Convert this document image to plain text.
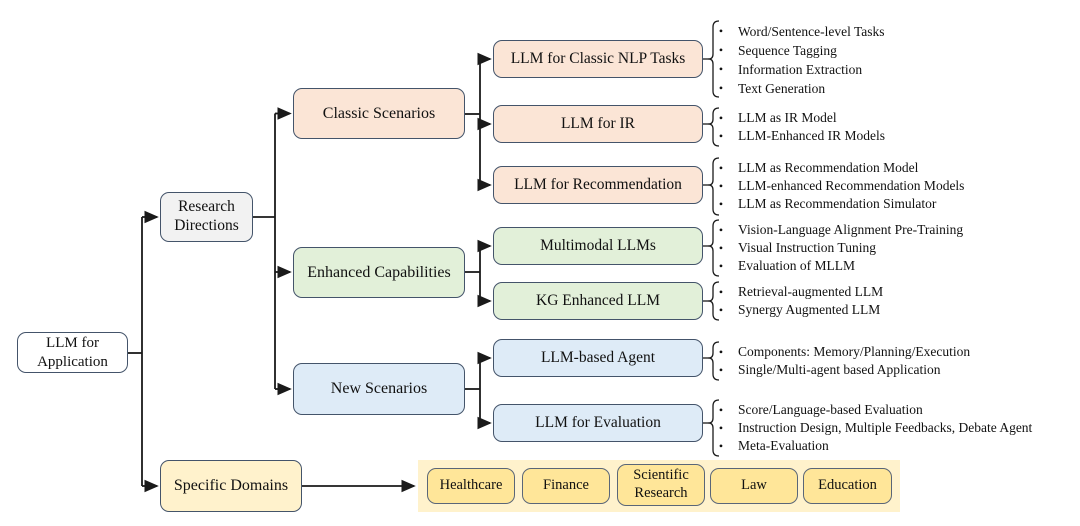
LLM for Application
Research Directions
Specific Domains
Classic Scenarios
Enhanced Capabilities
New Scenarios
LLM for Classic NLP Tasks
LLM for IR
LLM for Recommendation
Multimodal LLMs
KG Enhanced LLM
LLM-based Agent
LLM for Evaluation
• Word/Sentence-level Tasks
• Sequence Tagging
• Information Extraction
• Text Generation
• LLM as IR Model
• LLM-Enhanced IR Models
• LLM as Recommendation Model
• LLM-enhanced Recommendation Models
• LLM as Recommendation Simulator
• Vision-Language Alignment Pre-Training
• Visual Instruction Tuning
• Evaluation of MLLM
• Retrieval-augmented LLM
• Synergy Augmented LLM
• Components: Memory/Planning/Execution
• Single/Multi-agent based Application
• Score/Language-based Evaluation
• Instruction Design, Multiple Feedbacks, Debate Agent
• Meta-Evaluation
Healthcare	Finance
Scientific Research	Law	Education
